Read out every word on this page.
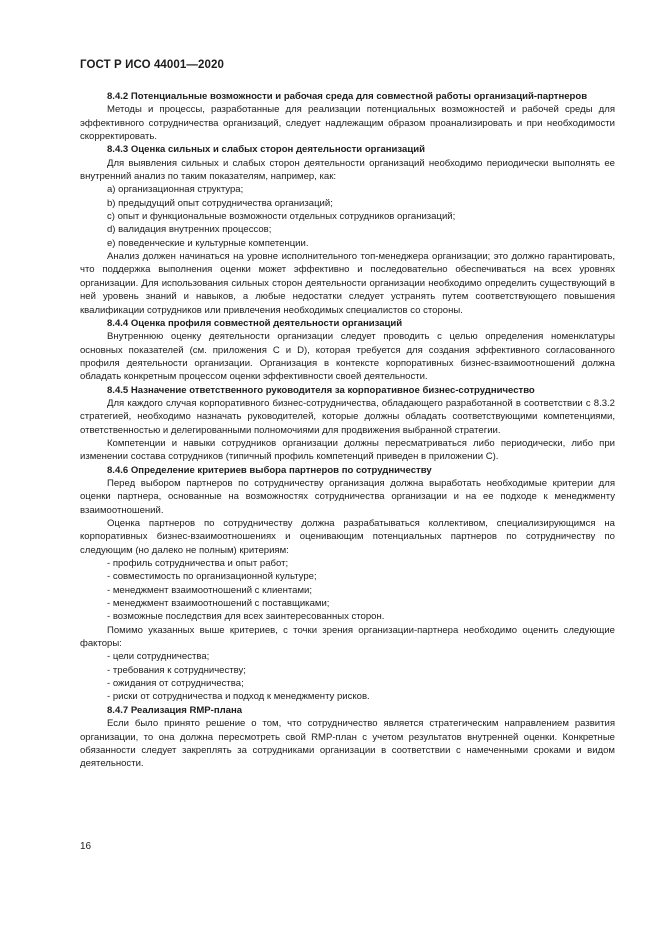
ГОСТ Р ИСО 44001—2020

8.4.2 Потенциальные возможности и рабочая среда для совместной работы организаций-партнеров

Методы и процессы, разработанные для реализации потенциальных возможностей и рабочей среды для эффективного сотрудничества организаций, следует надлежащим образом проанализировать и при необходимости скорректировать.

8.4.3 Оценка сильных и слабых сторон деятельности организаций

Для выявления сильных и слабых сторон деятельности организаций необходимо периодически выполнять ее внутренний анализ по таким показателям, например, как:

a) организационная структура;

b) предыдущий опыт сотрудничества организаций;

c) опыт и функциональные возможности отдельных сотрудников организаций;

d) валидация внутренних процессов;

e) поведенческие и культурные компетенции.

Анализ должен начинаться на уровне исполнительного топ-менеджера организации; это должно гарантировать, что поддержка выполнения оценки может эффективно и последовательно обеспечиваться на всех уровнях организации. Для использования сильных сторон деятельности организации необходимо определить существующий в ней уровень знаний и навыков, а любые недостатки следует устранять путем соответствующего повышения квалификации сотрудников или привлечения необходимых специалистов со стороны.

8.4.4 Оценка профиля совместной деятельности организаций

Внутреннюю оценку деятельности организации следует проводить с целью определения номенклатуры основных показателей (см. приложения С и D), которая требуется для создания эффективного согласованного профиля деятельности организации. Организация в контексте корпоративных бизнес-взаимоотношений должна обладать конкретным процессом оценки эффективности своей деятельности.

8.4.5 Назначение ответственного руководителя за корпоративное бизнес-сотрудничество

Для каждого случая корпоративного бизнес-сотрудничества, обладающего разработанной в соответствии с 8.3.2 стратегией, необходимо назначать руководителей, которые должны обладать соответствующими компетенциями, ответственностью и делегированными полномочиями для продвижения выбранной стратегии.

Компетенции и навыки сотрудников организации должны пересматриваться либо периодически, либо при изменении состава сотрудников (типичный профиль компетенций приведен в приложении С).

8.4.6 Определение критериев выбора партнеров по сотрудничеству

Перед выбором партнеров по сотрудничеству организация должна выработать необходимые критерии для оценки партнера, основанные на возможностях сотрудничества организации и на ее подходе к менеджменту взаимоотношений.

Оценка партнеров по сотрудничеству должна разрабатываться коллективом, специализирующимся на корпоративных бизнес-взаимоотношениях и оценивающим потенциальных партнеров по сотрудничеству по следующим (но далеко не полным) критериям:

- профиль сотрудничества и опыт работ;

- совместимость по организационной культуре;

- менеджмент взаимоотношений с клиентами;

- менеджмент взаимоотношений с поставщиками;

- возможные последствия для всех заинтересованных сторон.

Помимо указанных выше критериев, с точки зрения организации-партнера необходимо оценить следующие факторы:

- цели сотрудничества;

- требования к сотрудничеству;

- ожидания от сотрудничества;

- риски от сотрудничества и подход к менеджменту рисков.

8.4.7 Реализация RMP-плана

Если было принято решение о том, что сотрудничество является стратегическим направлением развития организации, то она должна пересмотреть свой RMP-план с учетом результатов внутренней оценки. Конкретные обязанности следует закреплять за сотрудниками организации в соответствии с намеченными сроками и видом деятельности.

16
